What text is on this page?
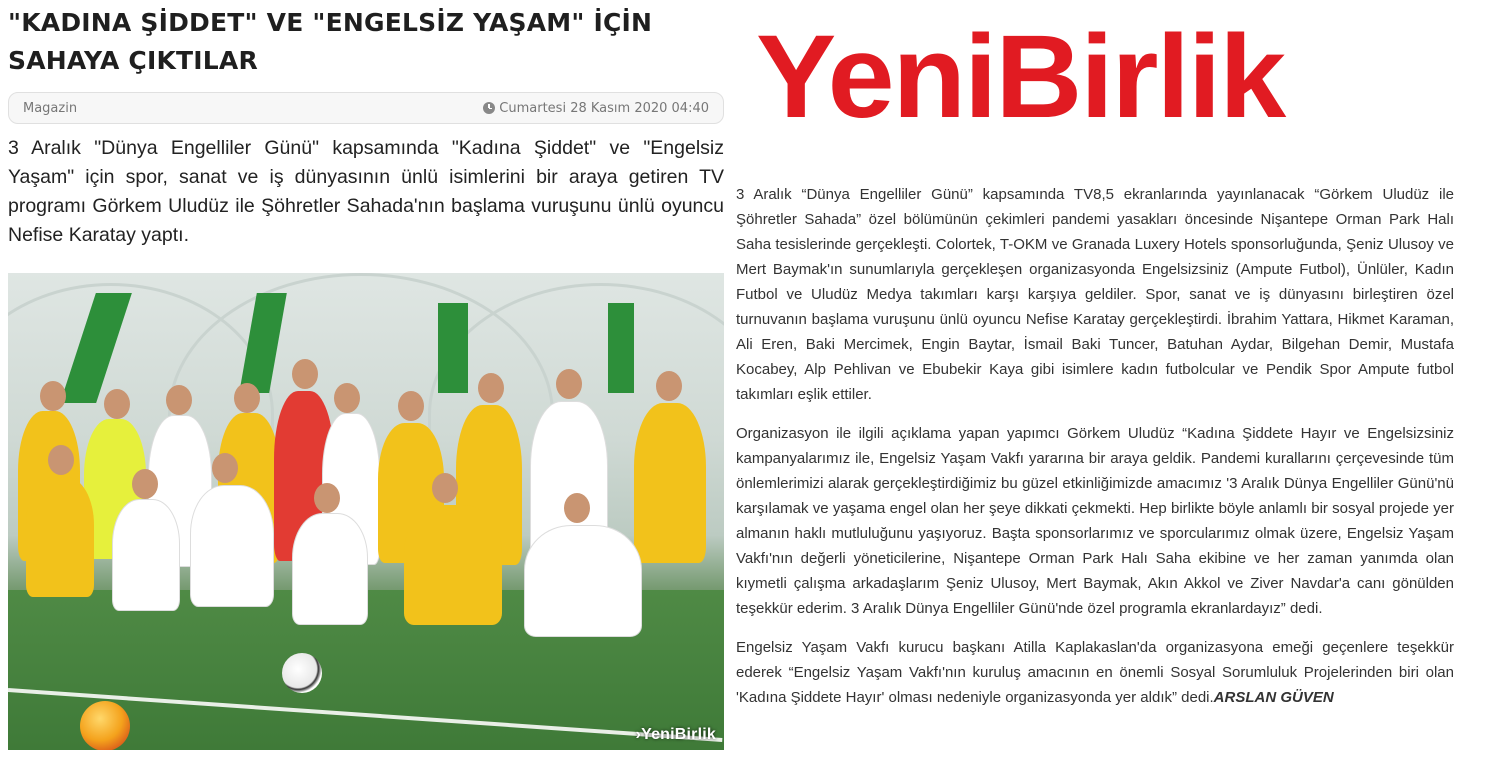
"KADINA ŞİDDET" VE "ENGELSİZ YAŞAM" İÇİN SAHAYA ÇIKTILAR
Magazin	Cumartesi 28 Kasım 2020 04:40
3 Aralık "Dünya Engelliler Günü" kapsamında "Kadına Şiddet" ve "Engelsiz Yaşam" için spor, sanat ve iş dünyasının ünlü isimlerini bir araya getiren TV programı Görkem Uludüz ile Şöhretler Sahada'nın başlama vuruşunu ünlü oyuncu Nefise Karatay yaptı.
›YeniBirlik
YeniBirlik

3 Aralık “Dünya Engelliler Günü” kapsamında TV8,5 ekranlarında yayınlanacak “Görkem Uludüz ile Şöhretler Sahada” özel bölümünün çekimleri pandemi yasakları öncesinde Nişantepe Orman Park Halı Saha tesislerinde gerçekleşti. Colortek, T-OKM ve Granada Luxery Hotels sponsorluğunda, Şeniz Ulusoy ve Mert Baymak'ın sunumlarıyla gerçekleşen organizasyonda Engelsizsiniz (Ampute Futbol), Ünlüler, Kadın Futbol ve Uludüz Medya takımları karşı karşıya geldiler. Spor, sanat ve iş dünyasını birleştiren özel turnuvanın başlama vuruşunu ünlü oyuncu Nefise Karatay gerçekleştirdi. İbrahim Yattara, Hikmet Karaman, Ali Eren, Baki Mercimek, Engin Baytar, İsmail Baki Tuncer, Batuhan Aydar, Bilgehan Demir, Mustafa Kocabey, Alp Pehlivan ve Ebubekir Kaya gibi isimlere kadın futbolcular ve Pendik Spor Ampute futbol takımları eşlik ettiler.

Organizasyon ile ilgili açıklama yapan yapımcı Görkem Uludüz “Kadına Şiddete Hayır ve Engelsizsiniz kampanyalarımız ile, Engelsiz Yaşam Vakfı yararına bir araya geldik. Pandemi kurallarını çerçevesinde tüm önlemlerimizi alarak gerçekleştirdiğimiz bu güzel etkinliğimizde amacımız '3 Aralık Dünya Engelliler Günü'nü karşılamak ve yaşama engel olan her şeye dikkati çekmekti. Hep birlikte böyle anlamlı bir sosyal projede yer almanın haklı mutluluğunu yaşıyoruz. Başta sponsorlarımız ve sporcularımız olmak üzere, Engelsiz Yaşam Vakfı'nın değerli yöneticilerine, Nişantepe Orman Park Halı Saha ekibine ve her zaman yanımda olan kıymetli çalışma arkadaşlarım Şeniz Ulusoy, Mert Baymak, Akın Akkol ve Ziver Navdar'a canı gönülden teşekkür ederim. 3 Aralık Dünya Engelliler Günü'nde özel programla ekranlardayız” dedi.

Engelsiz Yaşam Vakfı kurucu başkanı Atilla Kaplakaslan'da organizasyona emeği geçenlere teşekkür ederek “Engelsiz Yaşam Vakfı'nın kuruluş amacının en önemli Sosyal Sorumluluk Projelerinden biri olan 'Kadına Şiddete Hayır' olması nedeniyle organizasyonda yer aldık” dedi.ARSLAN GÜVEN
